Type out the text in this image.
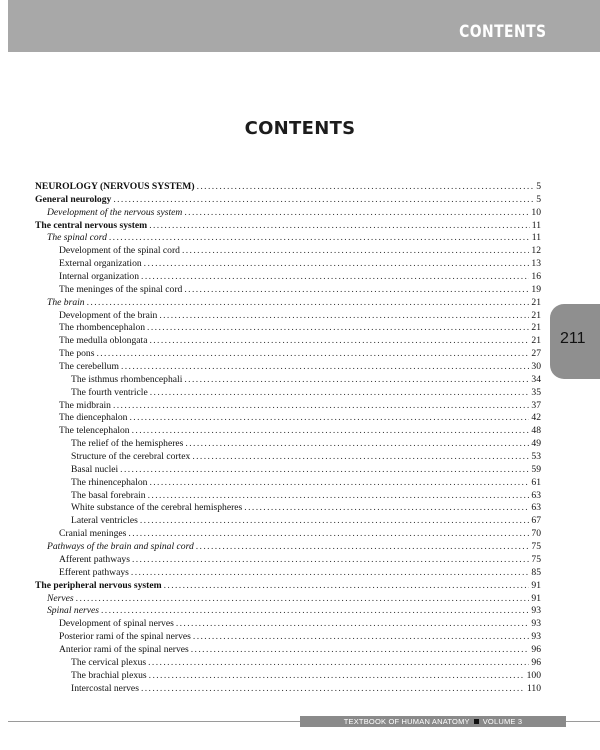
CONTENTS
CONTENTS
NEUROLOGY (NERVOUS SYSTEM) . . .	5
General neurology . . .	5
Development of the nervous system . . .	10
The central nervous system . . .	11
The spinal cord . . .	11
Development of the spinal cord . . .	12
External organization . . .	13
Internal organization . . .	16
The meninges of the spinal cord . . .	19
The brain . . .	21
Development of the brain . . .	21
The rhombencephalon . . .	21
The medulla oblongata . . .	21
The pons . . .	27
The cerebellum . . .	30
The isthmus rhombencephali . . .	34
The fourth ventricle . . .	35
The midbrain . . .	37
The diencephalon . . .	42
The telencephalon . . .	48
The relief of the hemispheres . . .	49
Structure of the cerebral cortex . . .	53
Basal nuclei . . .	59
The rhinencephalon . . .	61
The basal forebrain . . .	63
White substance of the cerebral hemispheres . . .	63
Lateral ventricles . . .	67
Cranial meninges . . .	70
Pathways of the brain and spinal cord . . .	75
Afferent pathways . . .	75
Efferent pathways . . .	85
The peripheral nervous system . . .	91
Nerves . . .	91
Spinal nerves . . .	93
Development of spinal nerves . . .	93
Posterior rami of the spinal nerves . . .	93
Anterior rami of the spinal nerves . . .	96
The cervical plexus . . .	96
The brachial plexus . . .	100
Intercostal nerves . . .	110
211
TEXTBOOK OF HUMAN ANATOMY VOLUME 3
